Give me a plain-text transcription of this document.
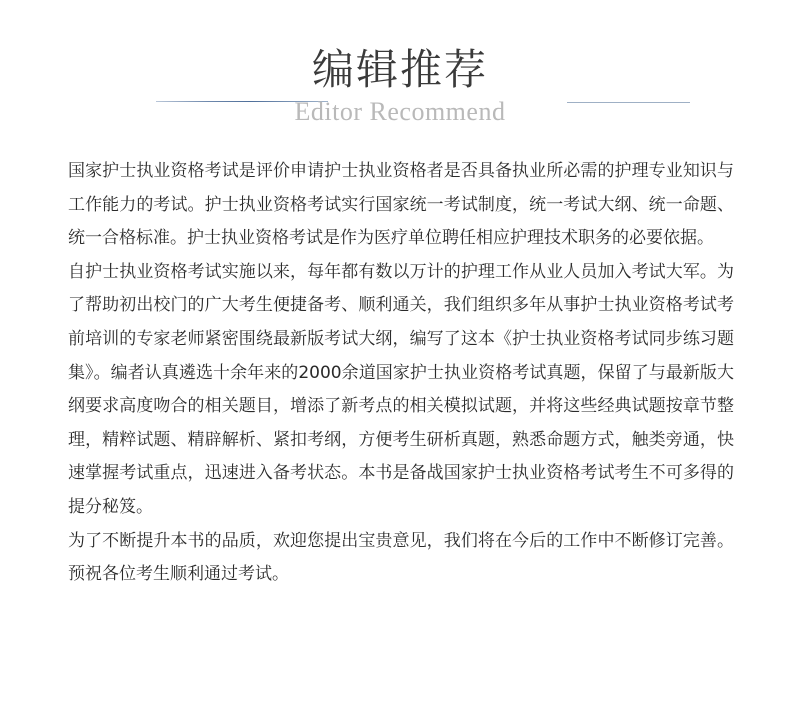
编辑推荐
Editor Recommend

国家护士执业资格考试是评价申请护士执业资格者是否具备执业所必需的护理专业知识与工作能力的考试。护士执业资格考试实行国家统一考试制度，统一考试大纲、统一命题、统一合格标准。护士执业资格考试是作为医疗单位聘任相应护理技术职务的必要依据。

自护士执业资格考试实施以来，每年都有数以万计的护理工作从业人员加入考试大军。为了帮助初出校门的广大考生便捷备考、顺利通关，我们组织多年从事护士执业资格考试考前培训的专家老师紧密围绕最新版考试大纲，编写了这本《护士执业资格考试同步练习题集》。编者认真遴选十余年来的2000余道国家护士执业资格考试真题，保留了与最新版大纲要求高度吻合的相关题目，增添了新考点的相关模拟试题，并将这些经典试题按章节整理，精粹试题、精辟解析、紧扣考纲，方便考生研析真题，熟悉命题方式，触类旁通，快速掌握考试重点，迅速进入备考状态。本书是备战国家护士执业资格考试考生不可多得的提分秘笈。

为了不断提升本书的品质，欢迎您提出宝贵意见，我们将在今后的工作中不断修订完善。预祝各位考生顺利通过考试。
